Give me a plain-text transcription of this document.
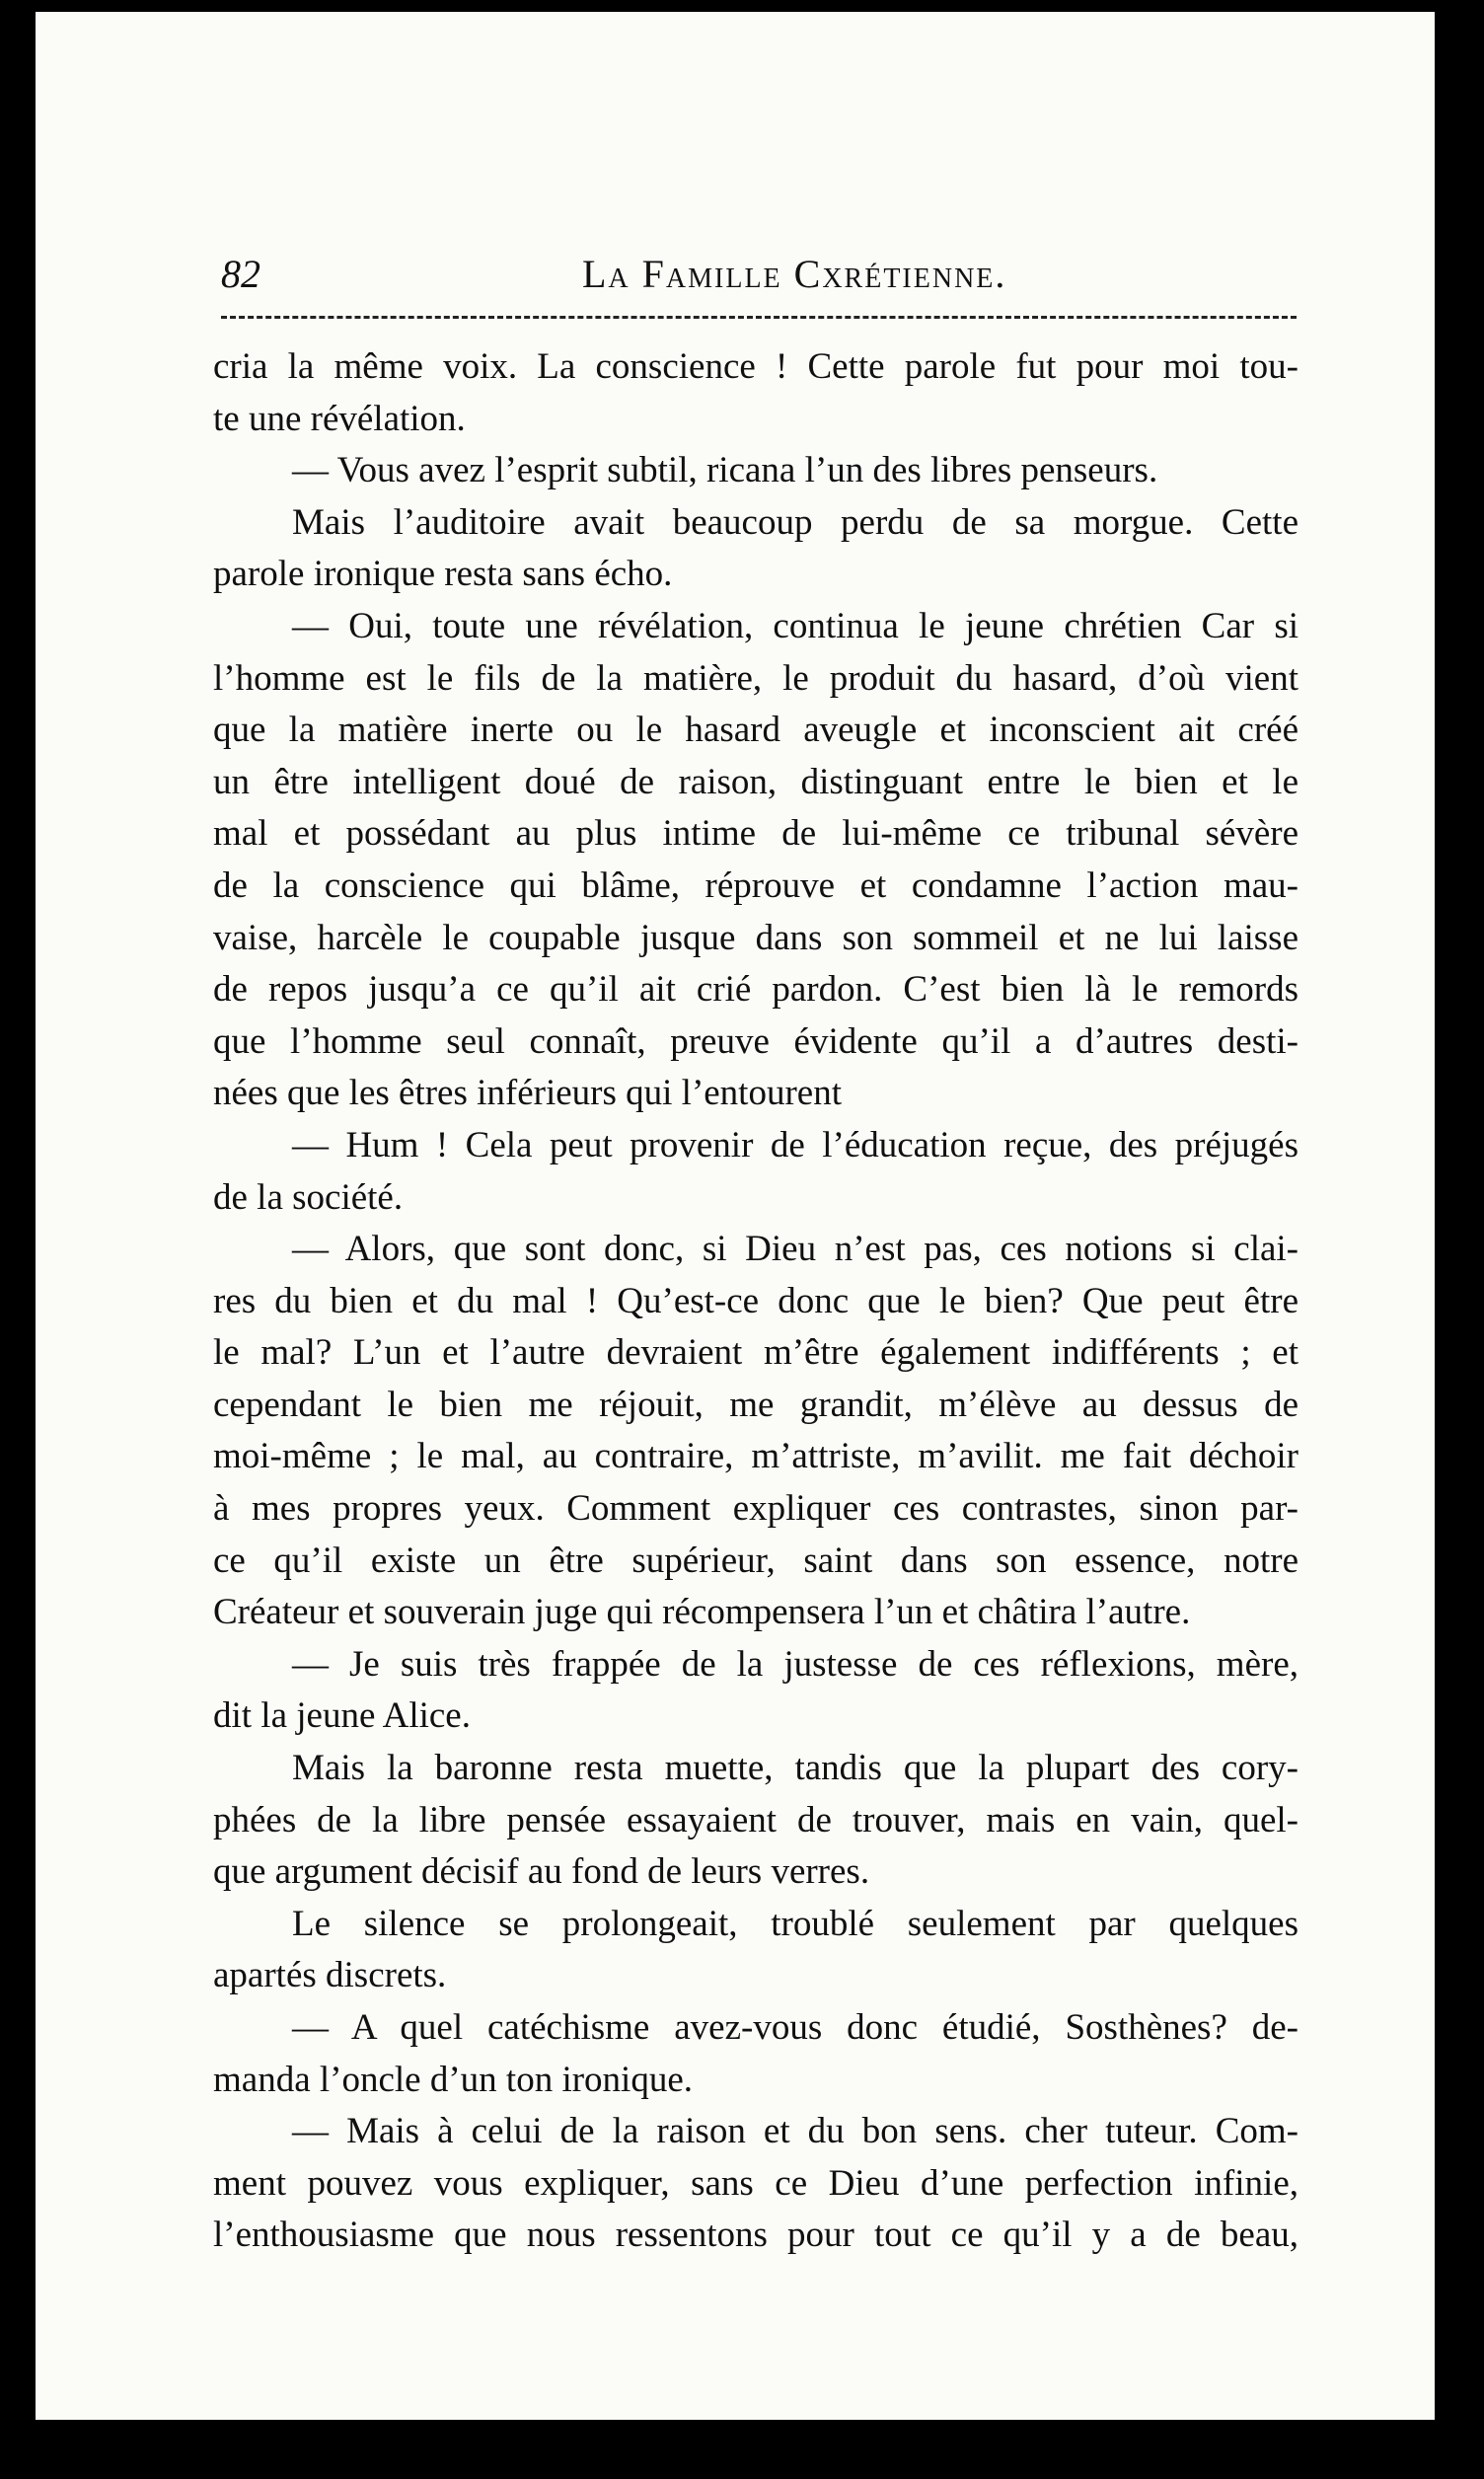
82	La Famille Cxrétienne.
cria la même voix. La conscience ! Cette parole fut pour moi tou-
te une révélation.
— Vous avez l’esprit subtil, ricana l’un des libres penseurs.
Mais l’auditoire avait beaucoup perdu de sa morgue. Cette
parole ironique resta sans écho.
— Oui, toute une révélation, continua le jeune chrétien Car si
l’homme est le fils de la matière, le produit du hasard, d’où vient
que la matière inerte ou le hasard aveugle et inconscient ait créé
un être intelligent doué de raison, distinguant entre le bien et le
mal et possédant au plus intime de lui-même ce tribunal sévère
de la conscience qui blâme, réprouve et condamne l’action mau-
vaise, harcèle le coupable jusque dans son sommeil et ne lui laisse
de repos jusqu’a ce qu’il ait crié pardon. C’est bien là le remords
que l’homme seul connaît, preuve évidente qu’il a d’autres desti-
nées que les êtres inférieurs qui l’entourent
— Hum ! Cela peut provenir de l’éducation reçue, des préjugés
de la société.
— Alors, que sont donc, si Dieu n’est pas, ces notions si clai-
res du bien et du mal ! Qu’est-ce donc que le bien? Que peut être
le mal? L’un et l’autre devraient m’être également indifférents ; et
cependant le bien me réjouit, me grandit, m’élève au dessus de
moi-même ; le mal, au contraire, m’attriste, m’avilit. me fait déchoir
à mes propres yeux. Comment expliquer ces contrastes, sinon par-
ce qu’il existe un être supérieur, saint dans son essence, notre
Créateur et souverain juge qui récompensera l’un et châtira l’autre.
— Je suis très frappée de la justesse de ces réflexions, mère,
dit la jeune Alice.
Mais la baronne resta muette, tandis que la plupart des cory-
phées de la libre pensée essayaient de trouver, mais en vain, quel-
que argument décisif au fond de leurs verres.
Le silence se prolongeait, troublé seulement par quelques
apartés discrets.
— A quel catéchisme avez-vous donc étudié, Sosthènes? de-
manda l’oncle d’un ton ironique.
— Mais à celui de la raison et du bon sens. cher tuteur. Com-
ment pouvez vous expliquer, sans ce Dieu d’une perfection infinie,
l’enthousiasme que nous ressentons pour tout ce qu’il y a de beau,
